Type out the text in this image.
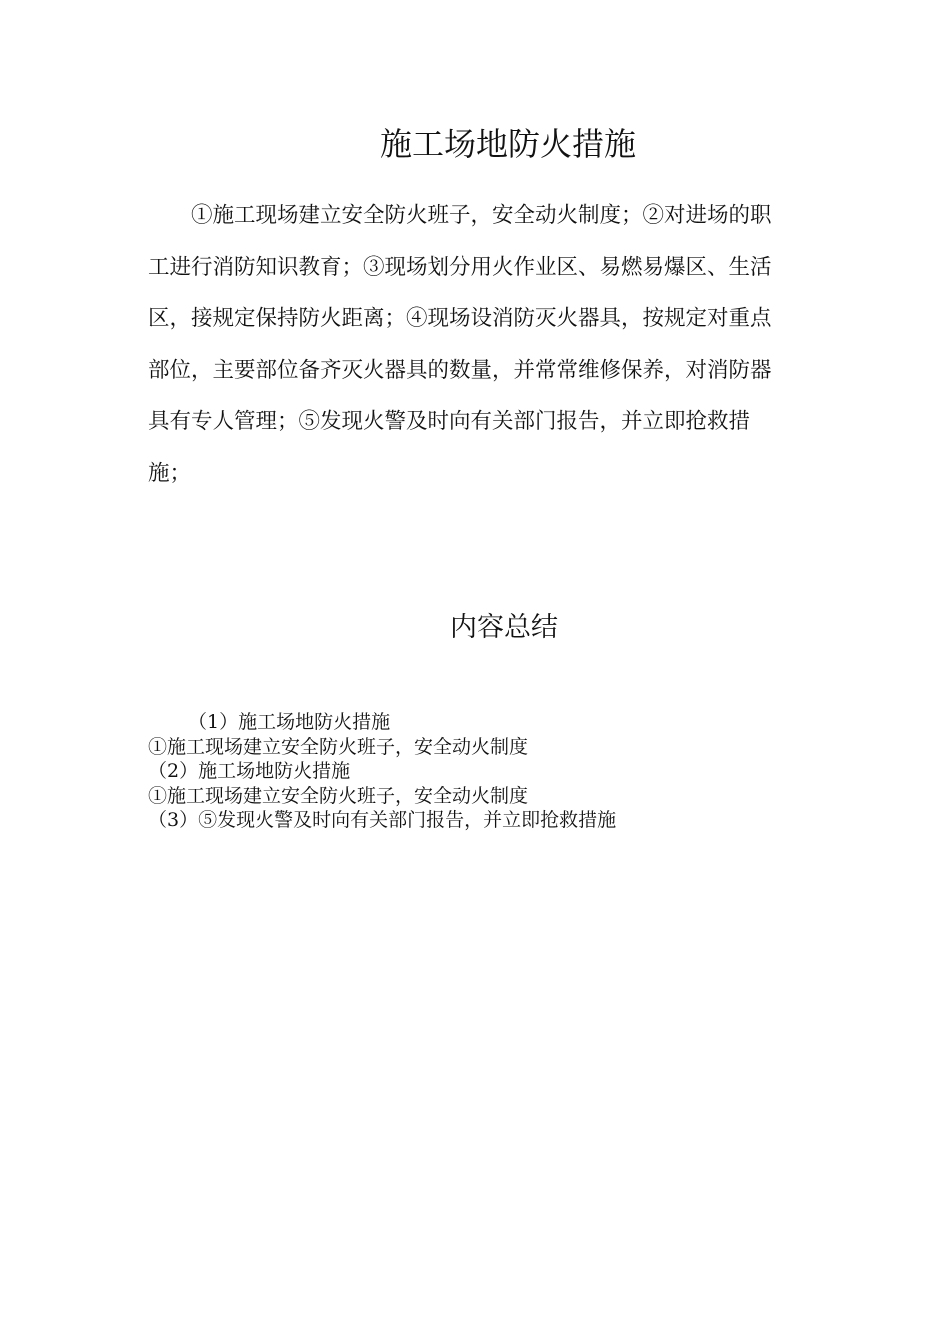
施工场地防火措施

①施工现场建立安全防火班子，安全动火制度；②对进场的职
工进行消防知识教育；③现场划分用火作业区、易燃易爆区、生活
区，接规定保持防火距离；④现场设消防灭火器具，按规定对重点
部位，主要部位备齐灭火器具的数量，并常常维修保养，对消防器
具有专人管理；⑤发现火警及时向有关部门报告，并立即抢救措
施；

内容总结
（1）施工场地防火措施
①施工现场建立安全防火班子，安全动火制度
（2）施工场地防火措施
①施工现场建立安全防火班子，安全动火制度
（3）⑤发现火警及时向有关部门报告，并立即抢救措施
